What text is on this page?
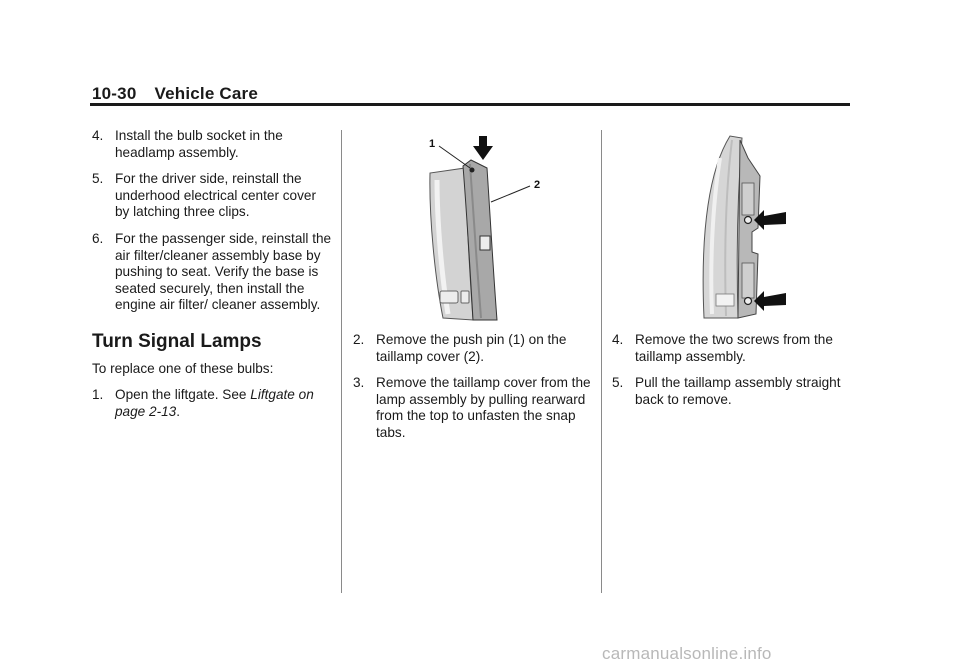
10-30 Vehicle Care

4. Install the bulb socket in the headlamp assembly.

5. For the driver side, reinstall the underhood electrical center cover by latching three clips.

6. For the passenger side, reinstall the air filter/cleaner assembly base by pushing to seat. Verify the base is seated securely, then install the engine air filter/ cleaner assembly.

Turn Signal Lamps

To replace one of these bulbs:

1. Open the liftgate. See Liftgate on page 2-13.

1
2

2. Remove the push pin (1) on the taillamp cover (2).

3. Remove the taillamp cover from the lamp assembly by pulling rearward from the top to unfasten the snap tabs.

4. Remove the two screws from the taillamp assembly.

5. Pull the taillamp assembly straight back to remove.

carmanualsonline.info
